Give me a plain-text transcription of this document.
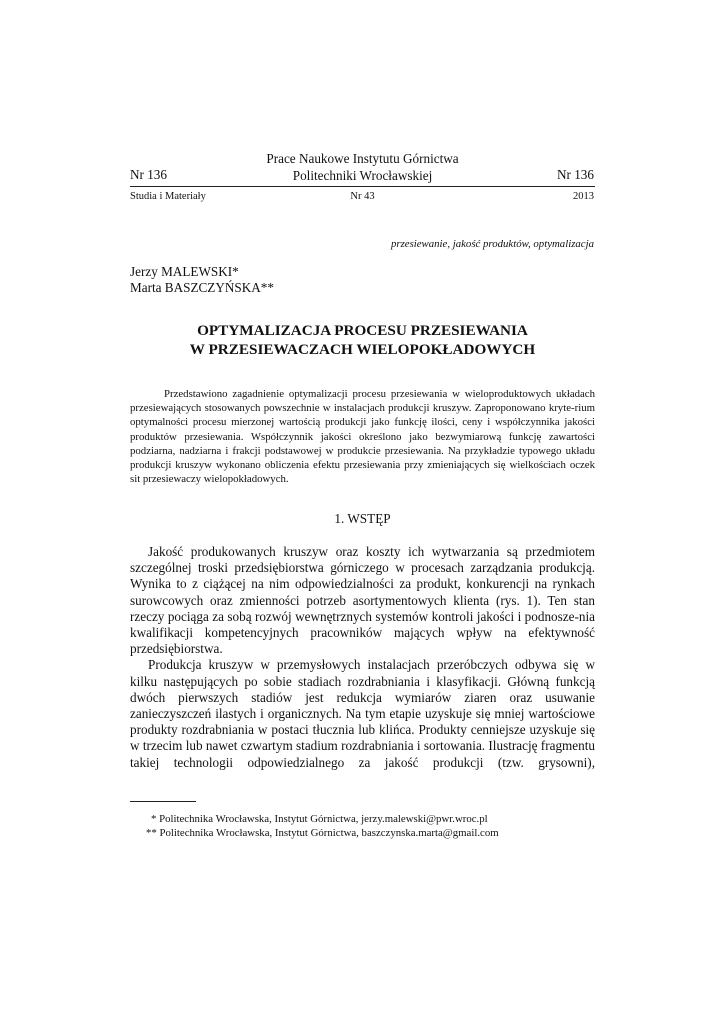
Prace Naukowe Instytutu Górnictwa
Politechniki Wrocławskiej
Nr 136	Nr 136
Studia i Materiały	Nr 43	2013
przesiewanie, jakość produktów, optymalizacja
Jerzy MALEWSKI*
Marta BASZCZYŃSKA**
OPTYMALIZACJA PROCESU PRZESIEWANIA
W PRZESIEWACZACH WIELOPOKŁADOWYCH

Przedstawiono zagadnienie optymalizacji procesu przesiewania w wieloproduktowych układach przesiewających stosowanych powszechnie w instalacjach produkcji kruszyw. Zaproponowano kryte-rium optymalności procesu mierzonej wartością produkcji jako funkcję ilości, ceny i współczynnika jakości produktów przesiewania. Współczynnik jakości określono jako bezwymiarową funkcję zawartości podziarna, nadziarna i frakcji podstawowej w produkcie przesiewania. Na przykładzie typowego układu produkcji kruszyw wykonano obliczenia efektu przesiewania przy zmieniających się wielkościach oczek sit przesiewaczy wielopokładowych.

1. WSTĘP

Jakość produkowanych kruszyw oraz koszty ich wytwarzania są przedmiotem szczególnej troski przedsiębiorstwa górniczego w procesach zarządzania produkcją. Wynika to z ciążącej na nim odpowiedzialności za produkt, konkurencji na rynkach surowcowych oraz zmienności potrzeb asortymentowych klienta (rys. 1). Ten stan rzeczy pociąga za sobą rozwój wewnętrznych systemów kontroli jakości i podnosze-nia kwalifikacji kompetencyjnych pracowników mających wpływ na efektywność przedsiębiorstwa.

Produkcja kruszyw w przemysłowych instalacjach przeróbczych odbywa się w kilku następujących po sobie stadiach rozdrabniania i klasyfikacji. Główną funkcją dwóch pierwszych stadiów jest redukcja wymiarów ziaren oraz usuwanie zanieczyszczeń ilastych i organicznych. Na tym etapie uzyskuje się mniej wartościowe produkty rozdrabniania w postaci tłucznia lub klińca. Produkty cenniejsze uzyskuje się w trzecim lub nawet czwartym stadium rozdrabniania i sortowania. Ilustrację fragmentu takiej technologii odpowiedzialnego za jakość produkcji (tzw. grysowni),

* Politechnika Wrocławska, Instytut Górnictwa, jerzy.malewski@pwr.wroc.pl
** Politechnika Wrocławska, Instytut Górnictwa, baszczynska.marta@gmail.com
